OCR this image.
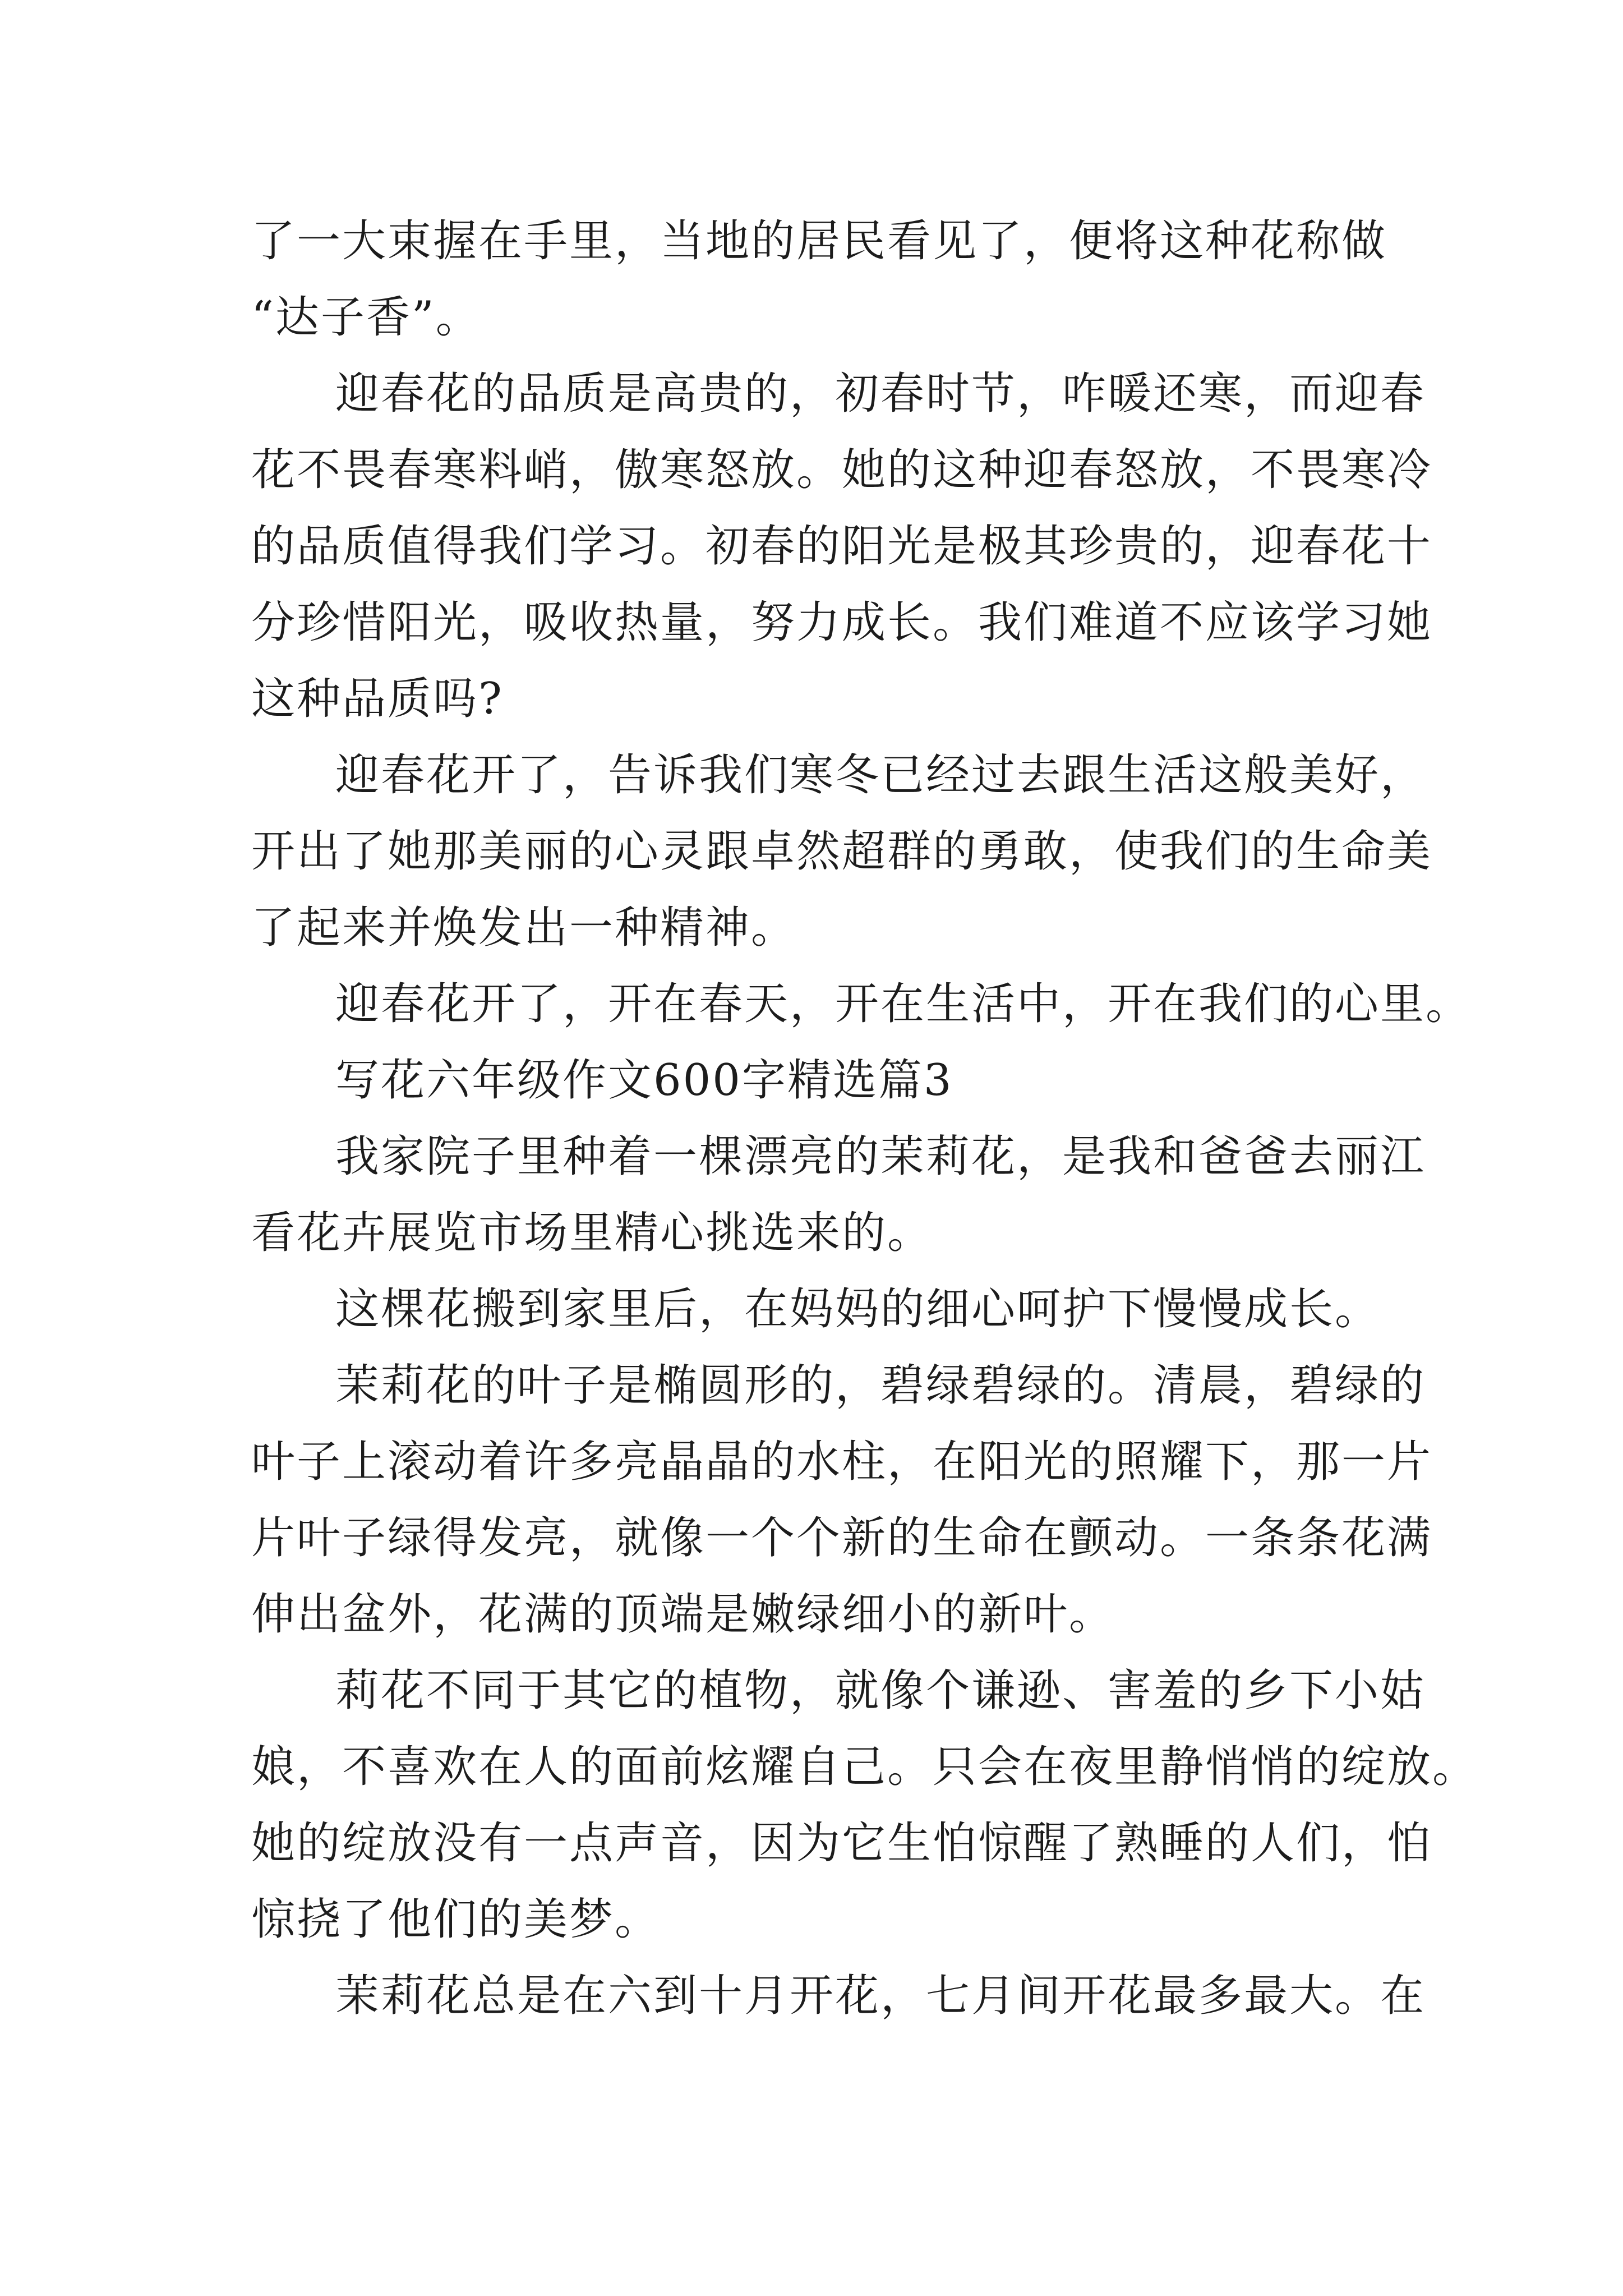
了一大束握在手里，当地的居民看见了，便将这种花称做
“达子香”。
迎春花的品质是高贵的，初春时节，咋暖还寒，而迎春
花不畏春寒料峭，傲寒怒放。她的这种迎春怒放，不畏寒冷
的品质值得我们学习。初春的阳光是极其珍贵的，迎春花十
分珍惜阳光，吸收热量，努力成长。我们难道不应该学习她
这种品质吗?
迎春花开了，告诉我们寒冬已经过去跟生活这般美好，
开出了她那美丽的心灵跟卓然超群的勇敢，使我们的生命美
了起来并焕发出一种精神。
迎春花开了，开在春天，开在生活中，开在我们的心里。
写花六年级作文600字精选篇3
我家院子里种着一棵漂亮的茉莉花，是我和爸爸去丽江
看花卉展览市场里精心挑选来的。
这棵花搬到家里后，在妈妈的细心呵护下慢慢成长。
茉莉花的叶子是椭圆形的，碧绿碧绿的。清晨，碧绿的
叶子上滚动着许多亮晶晶的水柱，在阳光的照耀下，那一片
片叶子绿得发亮，就像一个个新的生命在颤动。一条条花满
伸出盆外，花满的顶端是嫩绿细小的新叶。
莉花不同于其它的植物，就像个谦逊、害羞的乡下小姑
娘，不喜欢在人的面前炫耀自己。只会在夜里静悄悄的绽放。
她的绽放没有一点声音，因为它生怕惊醒了熟睡的人们，怕
惊挠了他们的美梦。
茉莉花总是在六到十月开花，七月间开花最多最大。在
